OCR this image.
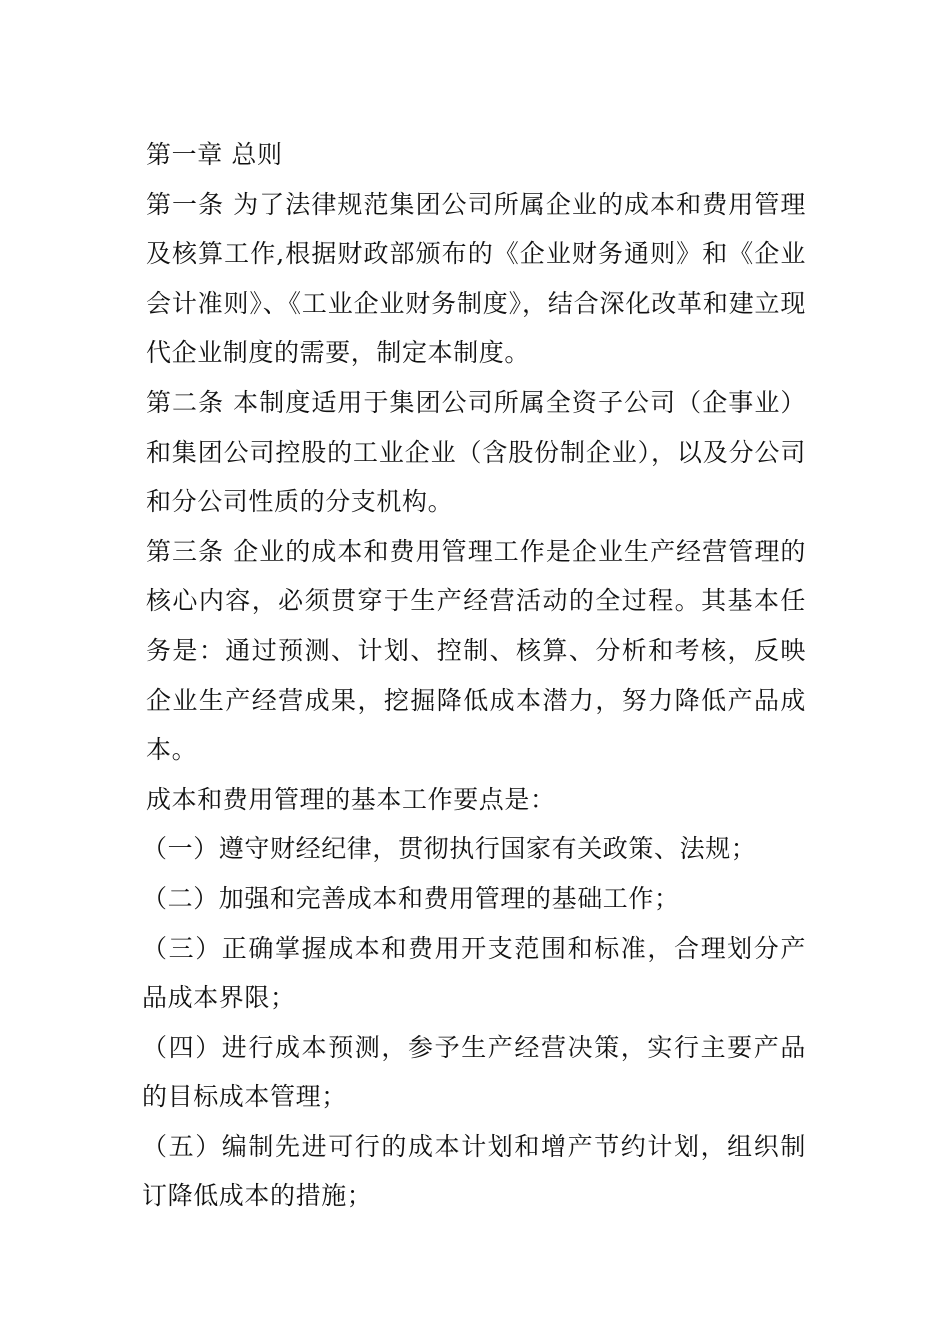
第一章 总则

第一条 为了法律规范集团公司所属企业的成本和费用管理及核算工作,根据财政部颁布的《企业财务通则》和《企业会计准则》、《工业企业财务制度》，结合深化改革和建立现代企业制度的需要，制定本制度。

第二条 本制度适用于集团公司所属全资子公司（企事业）和集团公司控股的工业企业（含股份制企业），以及分公司和分公司性质的分支机构。

第三条 企业的成本和费用管理工作是企业生产经营管理的核心内容，必须贯穿于生产经营活动的全过程。其基本任务是：通过预测、计划、控制、核算、分析和考核，反映企业生产经营成果，挖掘降低成本潜力，努力降低产品成本。

成本和费用管理的基本工作要点是：

（一）遵守财经纪律，贯彻执行国家有关政策、法规；

（二）加强和完善成本和费用管理的基础工作；

（三）正确掌握成本和费用开支范围和标准，合理划分产品成本界限；

（四）进行成本预测，参予生产经营决策，实行主要产品的目标成本管理；

（五）编制先进可行的成本计划和增产节约计划，组织制订降低成本的措施；
